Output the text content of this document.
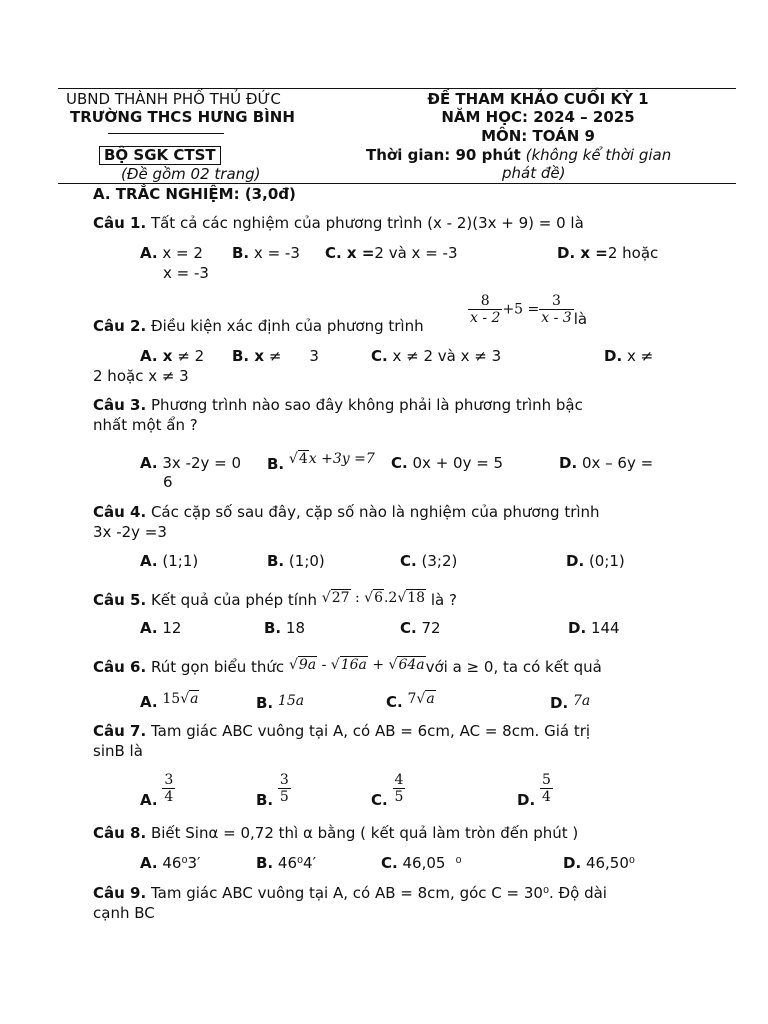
UBND THÀNH PHỐ THỦ ĐỨC
TRƯỜNG THCS HƯNG BÌNH
BỘ SGK CTST
(Đề gồm 02 trang)
ĐỀ THAM KHẢO CUỐI KỲ 1
NĂM HỌC: 2024 – 2025
MÔN: TOÁN 9
Thời gian: 90 phút (không kể thời gian
phát đề)
A. TRẮC NGHIỆM: (3,0đ)
Câu 1. Tất cả các nghiệm của phương trình (x - 2)(3x + 9) = 0 là
A. x = 2 B. x = -3 C. x =2 và x = -3	D. x =2 hoặc
x = -3
Câu 2. Điều kiện xác định của phương trình	$\frac{8}{x - 2} +5 = \frac{3}{x - 3}$ là
A. x ≠ 2 B. x ≠ 3	C. x ≠ 2 và x ≠ 3	D. x ≠
2 hoặc x ≠ 3
Câu 3. Phương trình nào sao đây không phải là phương trình bậc
nhất một ẩn ?
A. 3x -2y = 0 B. √4x +3y =7 C. 0x + 0y = 5	D. 0x – 6y =
6
Câu 4. Các cặp số sau đây, cặp số nào là nghiệm của phương trình
3x -2y =3
A. (1;1)	B. (1;0)	C. (3;2)	D. (0;1)
Câu 5. Kết quả của phép tính √27 : √6.2√18 là ?
A. 12	B. 18	C. 72	D. 144
Câu 6. Rút gọn biểu thức √9a - √16a + √64avới a ≥ 0, ta có kết quả
A. 15√a	B. 15a	C. 7√a	D. 7a
Câu 7. Tam giác ABC vuông tại A, có AB = 6cm, AC = 8cm. Giá trị
sinB là
A. $\frac{3}{4}$	B. $\frac{3}{5}$	C. $\frac{4}{5}$	D. $\frac{5}{4}$
Câu 8. Biết Sinα = 0,72 thì α bằng ( kết quả làm tròn đến phút )
A. 46⁰3′	B. 46⁰4′	C. 46,05 ⁰	D. 46,50⁰
Câu 9. Tam giác ABC vuông tại A, có AB = 8cm, góc C = 30⁰. Độ dài
cạnh BC
